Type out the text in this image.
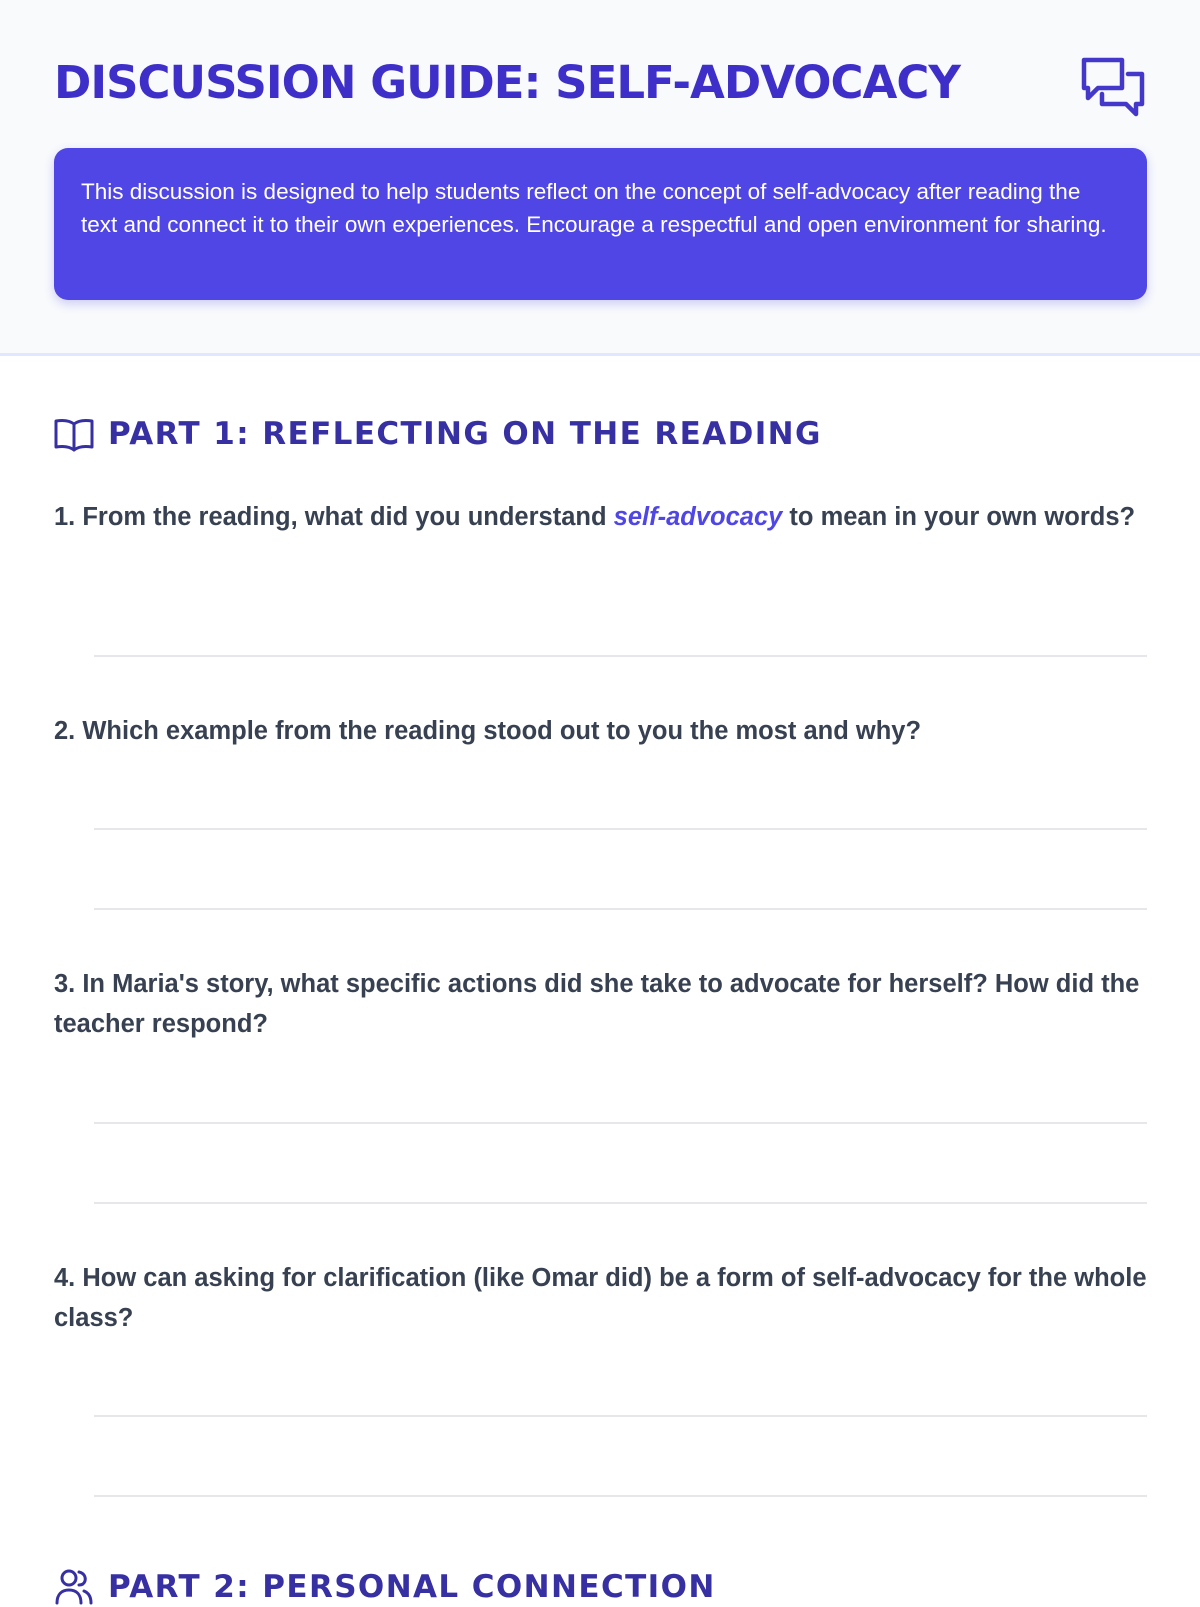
DISCUSSION GUIDE: SELF-ADVOCACY
This discussion is designed to help students reflect on the concept of self-advocacy after reading the text and connect it to their own experiences. Encourage a respectful and open environment for sharing.
PART 1: REFLECTING ON THE READING

1. From the reading, what did you understand self-advocacy to mean in your own words?

2. Which example from the reading stood out to you the most and why?

3. In Maria's story, what specific actions did she take to advocate for herself? How did the teacher respond?

4. How can asking for clarification (like Omar did) be a form of self-advocacy for the whole class?

PART 2: PERSONAL CONNECTION
